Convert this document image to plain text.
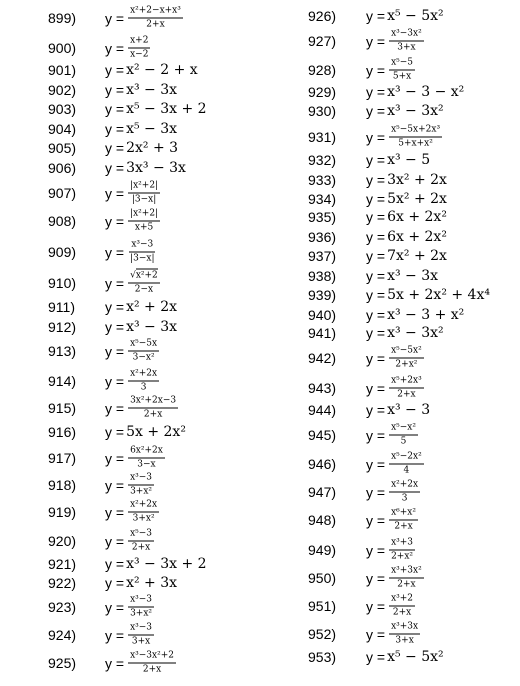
899) $y = \frac{\text{x²+2−x+x³}}{2+x}$
900) $y = \frac{x+2}{x-2}$
901) y = x² − 2 + x
902) y = x³ − 3x
903) y = x⁵ − 3x + 2
904) y = x⁵ − 3x
905) y = 2x² + 3
906) y = 3x³ − 3x
907) $y = \frac{\text{|x²+2|}}{|3-x|}$
908) $y = \frac{\text{|x²+2|}}{x+5}$
909) $y = \frac{\text{x³−3}}{|3-x|}$
910) $y = \frac{\text{√x²+2}}{2-x}$
911) y = x² + 2x
912) y = x³ − 3x
913) $y = \frac{\text{x⁵−5x}}{\text{3−x²}}$
914) $y = \frac{\text{x²+2x}}{3}$
915) $y = \frac{\text{3x²+2x−3}}{2+x}$
916) y = 5x + 2x²
917) $y = \frac{\text{6x²+2x}}{3-x}$
918) $y = \frac{\text{x³−3}}{\text{3+x²}}$
919) $y = \frac{\text{x²+2x}}{\text{3+x²}}$
920) $y = \frac{\text{x⁵−3}}{2+x}$
921) y = x³ − 3x + 2
922) y = x² + 3x
923) $y = \frac{\text{x³−3}}{\text{3+x²}}$
924) $y = \frac{\text{x³−3}}{3+x}$
925) $y = \frac{\text{x³−3x²+2}}{2+x}$
926) y = x⁵ − 5x²
927) $y = \frac{\text{x³−3x²}}{3+x}$
928) $y = \frac{\text{x⁵−5}}{5+x}$
929) y = x³ − 3 − x²
930) y = x³ − 3x²
931) $y = \frac{\text{x⁵−5x+2x³}}{\text{5+x+x²}}$
932) y = x³ − 5
933) y = 3x² + 2x
934) y = 5x² + 2x
935) y = 6x + 2x²
936) y = 6x + 2x²
937) y = 7x² + 2x
938) y = x³ − 3x
939) y = 5x + 2x² + 4x⁴
940) y = x³ − 3 + x²
941) y = x³ − 3x²
942) $y = \frac{\text{x⁵−5x²}}{\text{2+x²}}$
943) $y = \frac{\text{x⁵+2x³}}{2+x}$
944) y = x³ − 3
945) $y = \frac{\text{x⁵−x²}}{5}$
946) $y = \frac{\text{x⁵−2x²}}{4}$
947) $y = \frac{\text{x²+2x}}{3}$
948) $y = \frac{\text{x⁶+x²}}{2+x}$
949) $y = \frac{\text{x³+3}}{\text{2+x²}}$
950) $y = \frac{\text{x³+3x²}}{2+x}$
951) $y = \frac{\text{x³+2}}{2+x}$
952) $y = \frac{\text{x³+3x}}{3+x}$
953) y = x⁵ − 5x²
